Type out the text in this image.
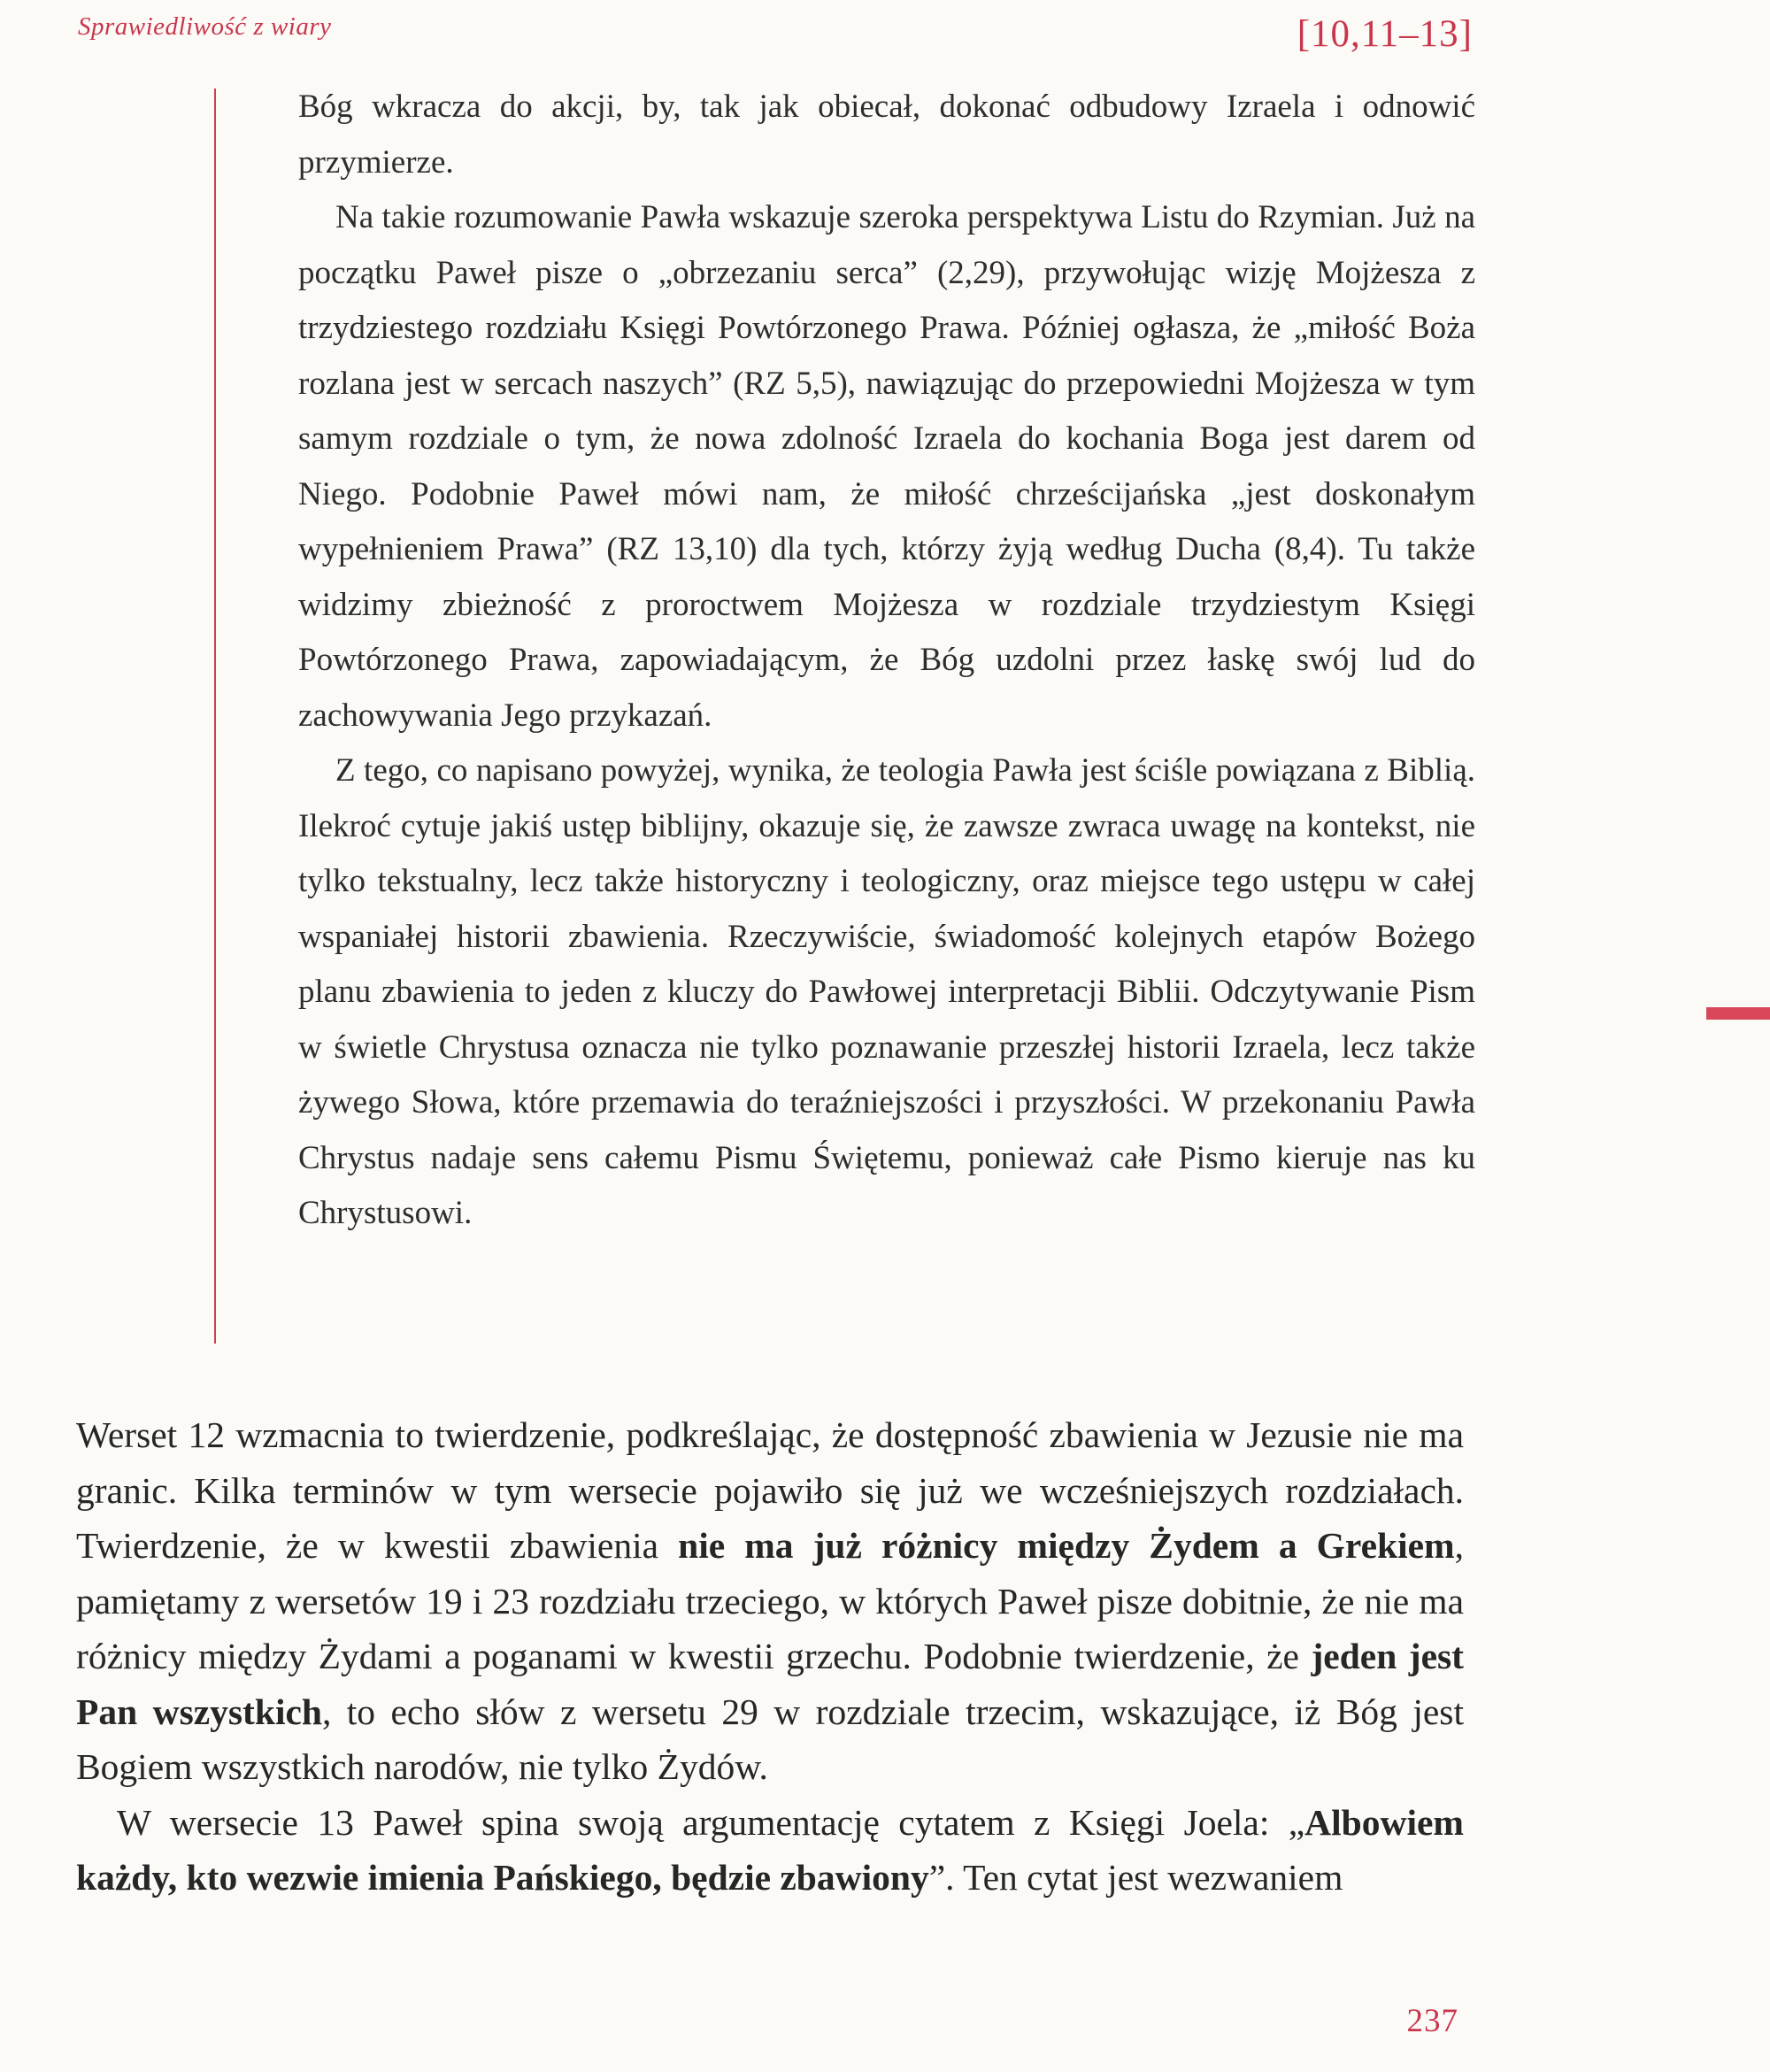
Sprawiedliwość z wiary	[10,11–13]

Bóg wkracza do akcji, by, tak jak obiecał, dokonać odbudowy Izraela i odnowić przymierze.

Na takie rozumowanie Pawła wskazuje szeroka perspektywa Listu do Rzymian. Już na początku Paweł pisze o „obrzezaniu serca” (2,29), przywołując wizję Mojżesza z trzydziestego rozdziału Księgi Powtórzonego Prawa. Później ogłasza, że „miłość Boża rozlana jest w sercach naszych” (RZ 5,5), nawiązując do przepowiedni Mojżesza w tym samym rozdziale o tym, że nowa zdolność Izraela do kochania Boga jest darem od Niego. Podobnie Paweł mówi nam, że miłość chrześcijańska „jest doskonałym wypełnieniem Prawa” (RZ 13,10) dla tych, którzy żyją według Ducha (8,4). Tu także widzimy zbieżność z proroctwem Mojżesza w rozdziale trzydziestym Księgi Powtórzonego Prawa, zapowiadającym, że Bóg uzdolni przez łaskę swój lud do zachowywania Jego przykazań.

Z tego, co napisano powyżej, wynika, że teologia Pawła jest ściśle powiązana z Biblią. Ilekroć cytuje jakiś ustęp biblijny, okazuje się, że zawsze zwraca uwagę na kontekst, nie tylko tekstualny, lecz także historyczny i teologiczny, oraz miejsce tego ustępu w całej wspaniałej historii zbawienia. Rzeczywiście, świadomość kolejnych etapów Bożego planu zbawienia to jeden z kluczy do Pawłowej interpretacji Biblii. Odczytywanie Pism w świetle Chrystusa oznacza nie tylko poznawanie przeszłej historii Izraela, lecz także żywego Słowa, które przemawia do teraźniejszości i przyszłości. W przekonaniu Pawła Chrystus nadaje sens całemu Pismu Świętemu, ponieważ całe Pismo kieruje nas ku Chrystusowi.

Werset 12 wzmacnia to twierdzenie, podkreślając, że dostępność zbawienia w Jezusie nie ma granic. Kilka terminów w tym wersecie pojawiło się już we wcześniejszych rozdziałach. Twierdzenie, że w kwestii zbawienia nie ma już różnicy między Żydem a Grekiem, pamiętamy z wersetów 19 i 23 rozdziału trzeciego, w których Paweł pisze dobitnie, że nie ma różnicy między Żydami a poganami w kwestii grzechu. Podobnie twierdzenie, że jeden jest Pan wszystkich, to echo słów z wersetu 29 w rozdziale trzecim, wskazujące, iż Bóg jest Bogiem wszystkich narodów, nie tylko Żydów.

W wersecie 13 Paweł spina swoją argumentację cytatem z Księgi Joela: „Albowiem każdy, kto wezwie imienia Pańskiego, będzie zbawiony”. Ten cytat jest wezwaniem

237
